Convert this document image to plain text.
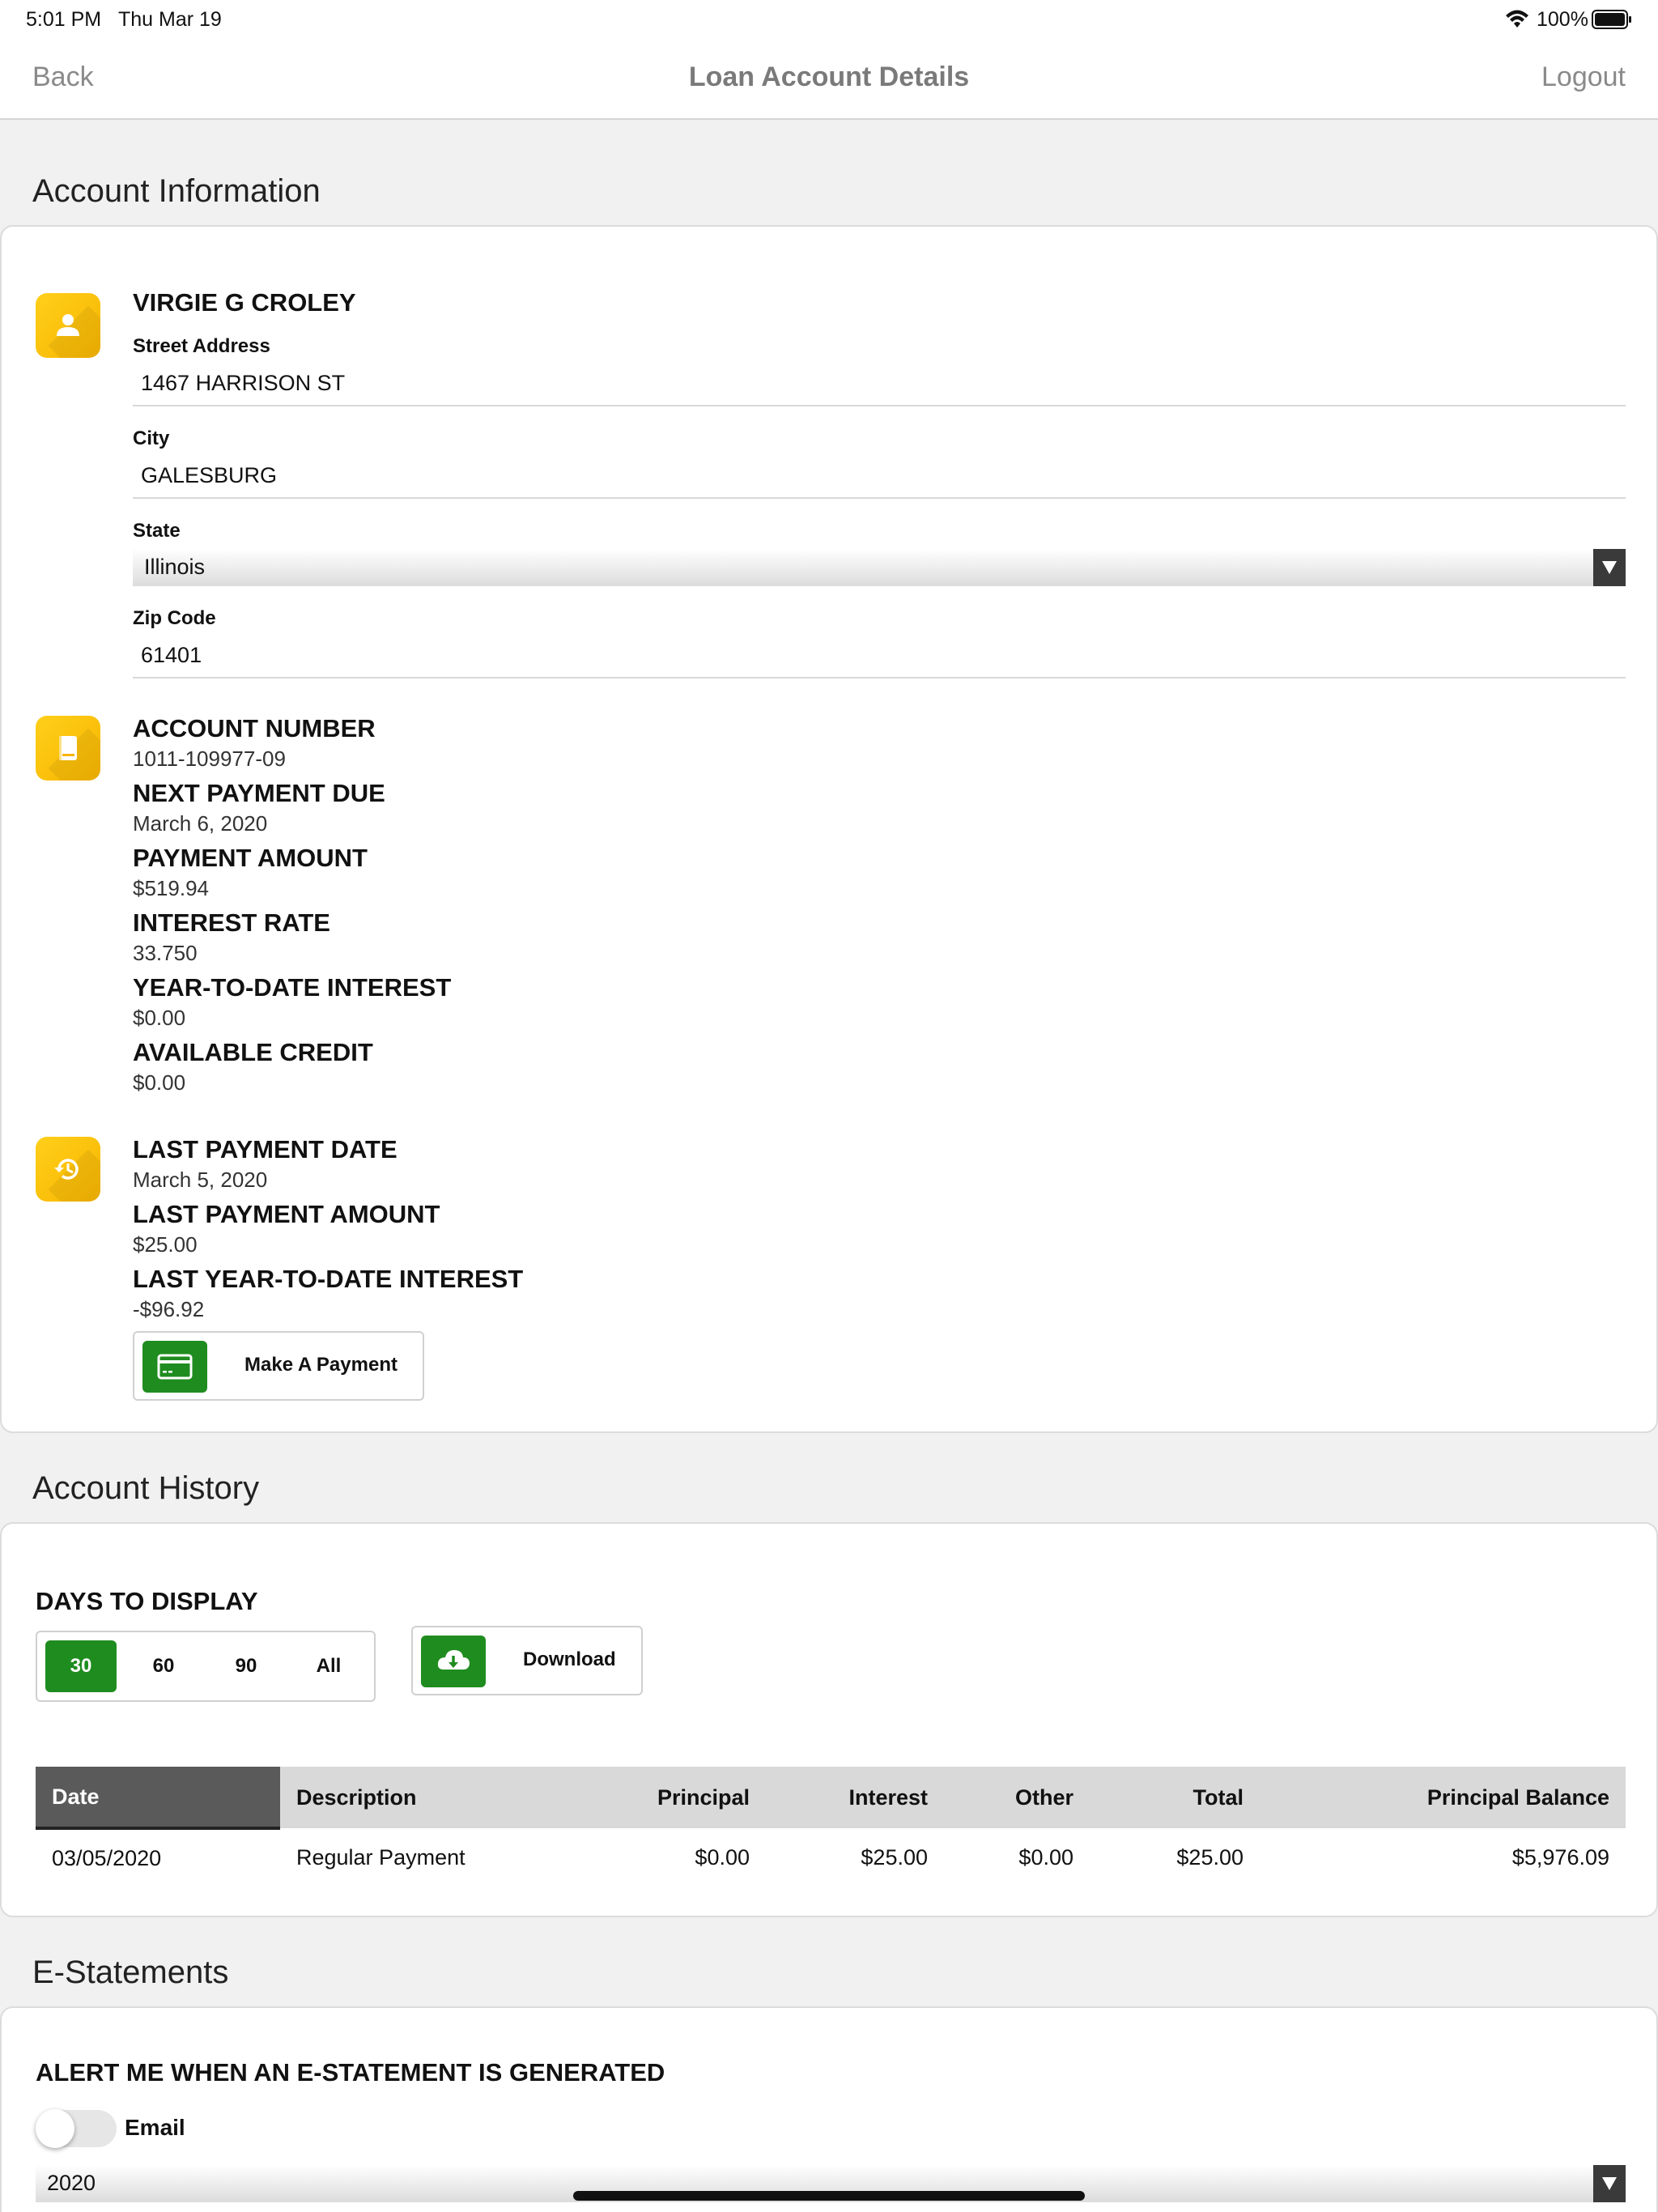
5:01 PM Thu Mar 19	100%
Loan Account Details
Back	Logout
Account Information
VIRGIE G CROLEY
Street Address
1467 HARRISON ST
City
GALESBURG
State
Illinois
Zip Code
61401
ACCOUNT NUMBER
1011-109977-09
NEXT PAYMENT DUE
March 6, 2020
PAYMENT AMOUNT
$519.94
INTEREST RATE
33.750
YEAR-TO-DATE INTEREST
$0.00
AVAILABLE CREDIT
$0.00
LAST PAYMENT DATE
March 5, 2020
LAST PAYMENT AMOUNT
$25.00
LAST YEAR-TO-DATE INTEREST
-$96.92
Make A Payment
Account History
DAYS TO DISPLAY
30	60	90	All	Download
Date	Description	Principal	Interest	Other	Total	Principal Balance
03/05/2020	Regular Payment	$0.00	$25.00	$0.00	$25.00	$5,976.09
E-Statements
ALERT ME WHEN AN E-STATEMENT IS GENERATED
Email
2020
